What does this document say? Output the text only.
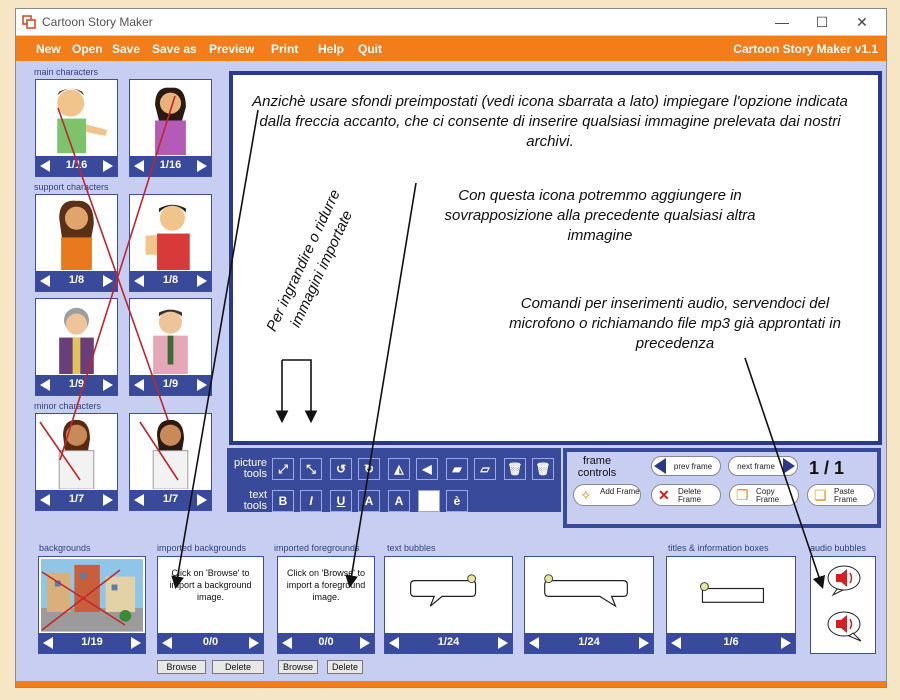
Cartoon Story Maker	—	☐	✕
New Open Save Save as Preview Print Help Quit	Cartoon Story Maker v1.1
main characters
support characters
minor characters
1/16	1/16
1/8	1/8
1/9	1/9
1/7	1/7
picture tools
text tools
⤢	⤡	↺	↻	◭	◀	▰	▱	🗑 🗑
B	I	U	A	A	è
frame controls
prev frame	next frame	1 / 1
✧ Add Frame ✕ Delete Frame	❐ Copy Frame	❏ Paste Frame
backgrounds	imported backgrounds	imported foregrounds	text bubbles	titles & information boxes	audio bubbles
1/19
Click on 'Browse' to import a background image.
0/0
Browse	Delete
Click on 'Browse' to import a foreground image.
0/0
Browse	Delete
1/24	1/24	1/6
Anzichè usare sfondi preimpostati (vedi icona sbarrata a lato) impiegare l'opzione indicata dalla freccia accanto, che ci consente di inserire qualsiasi immagine prelevata dai nostri archivi.
Con questa icona potremmo aggiungere in sovrapposizione alla precedente qualsiasi altra immagine
Comandi per inserimenti audio, servendoci del microfono o richiamando file mp3 già approntati in precedenza
Per ingrandire o ridurre immagini importate
